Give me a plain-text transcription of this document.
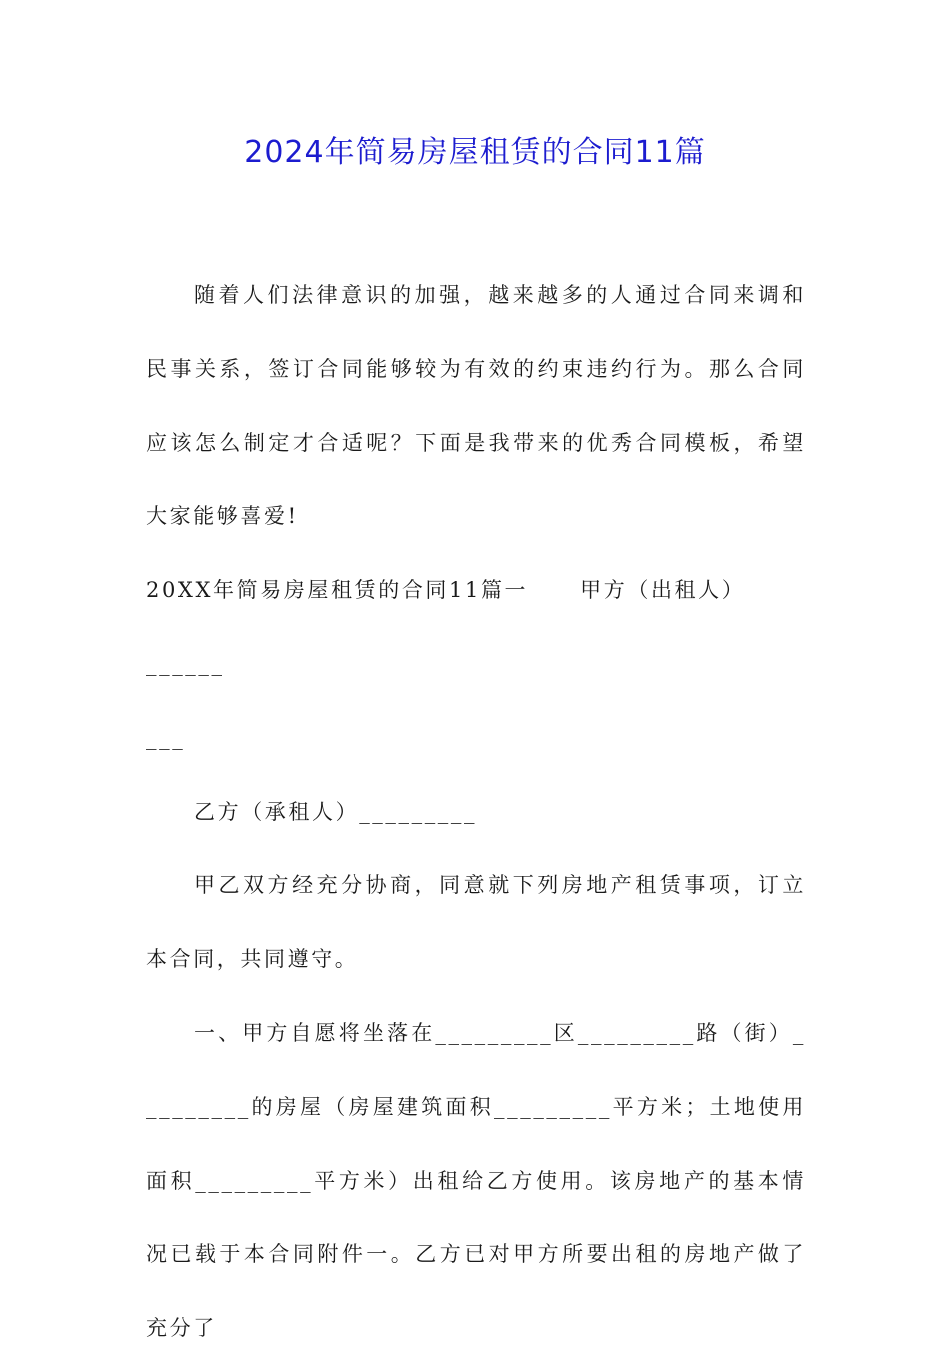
2024年简易房屋租赁的合同11篇

随着人们法律意识的加强，越来越多的人通过合同来调和民事关系，签订合同能够较为有效的约束违约行为。那么合同应该怎么制定才合适呢？下面是我带来的优秀合同模板，希望大家能够喜爱!

20XX年简易房屋租赁的合同11篇一 甲方（出租人）______

___

乙方（承租人）_________

甲乙双方经充分协商，同意就下列房地产租赁事项，订立本合同，共同遵守。

一、甲方自愿将坐落在_________区_________路（街）_________的房屋（房屋建筑面积_________平方米；土地使用面积_________平方米）出租给乙方使用。该房地产的基本情况已载于本合同附件一。乙方已对甲方所要出租的房地产做了充分了
